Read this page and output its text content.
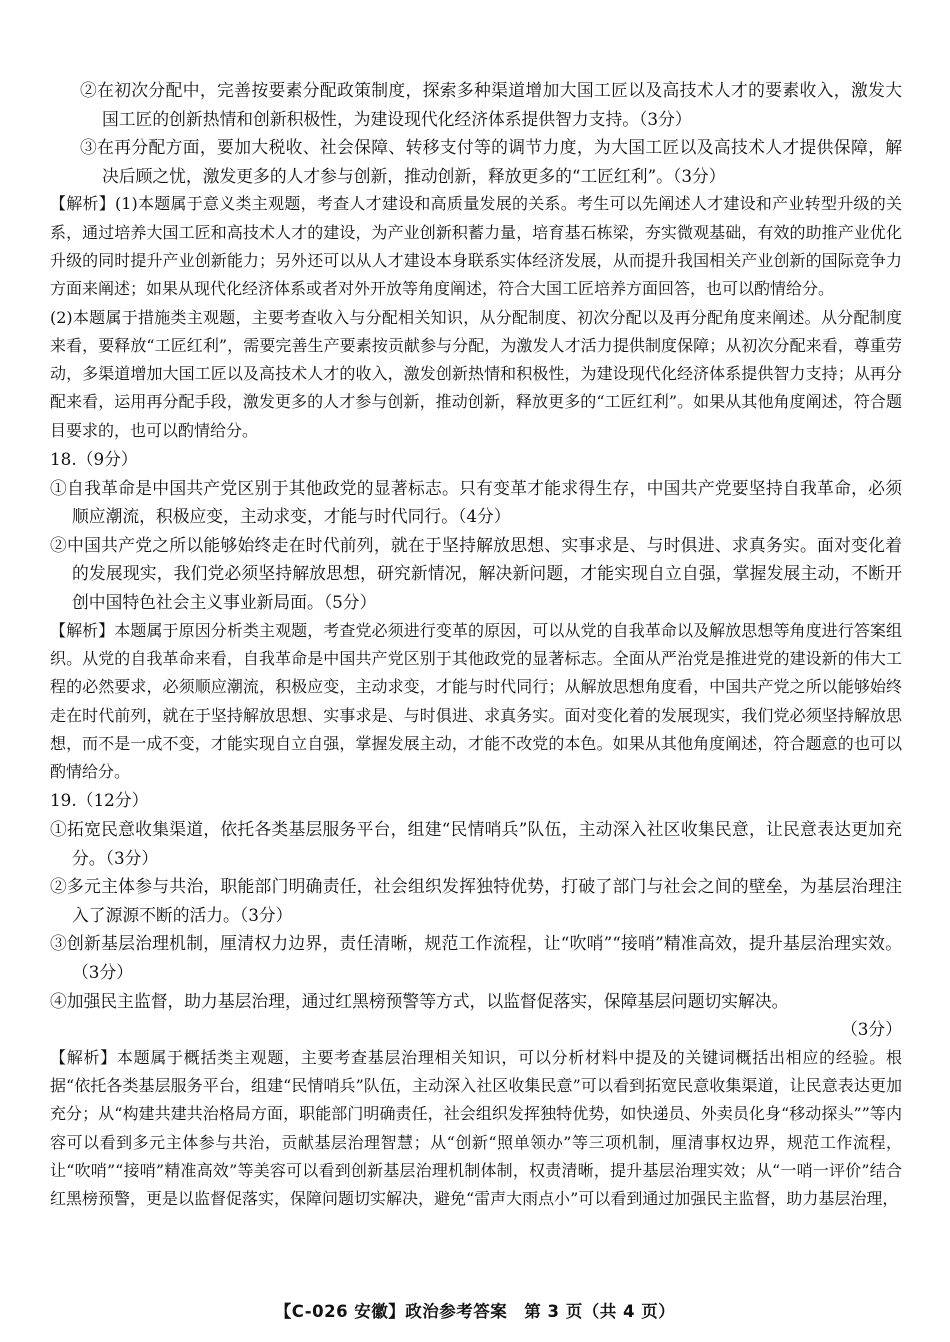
②在初次分配中，完善按要素分配政策制度，探索多种渠道增加大国工匠以及高技术人才的要素收入，激发大国工匠的创新热情和创新积极性，为建设现代化经济体系提供智力支持。（3分）

③在再分配方面，要加大税收、社会保障、转移支付等的调节力度，为大国工匠以及高技术人才提供保障，解决后顾之忧，激发更多的人才参与创新，推动创新，释放更多的“工匠红利”。（3分）

【解析】(1)本题属于意义类主观题，考查人才建设和高质量发展的关系。考生可以先阐述人才建设和产业转型升级的关系，通过培养大国工匠和高技术人才的建设，为产业创新积蓄力量，培育基石栋梁，夯实微观基础，有效的助推产业优化升级的同时提升产业创新能力；另外还可以从人才建设本身联系实体经济发展，从而提升我国相关产业创新的国际竞争力方面来阐述；如果从现代化经济体系或者对外开放等角度阐述，符合大国工匠培养方面回答，也可以酌情给分。

(2)本题属于措施类主观题，主要考查收入与分配相关知识，从分配制度、初次分配以及再分配角度来阐述。从分配制度来看，要释放“工匠红利”，需要完善生产要素按贡献参与分配，为激发人才活力提供制度保障；从初次分配来看，尊重劳动，多渠道增加大国工匠以及高技术人才的收入，激发创新热情和积极性，为建设现代化经济体系提供智力支持；从再分配来看，运用再分配手段，激发更多的人才参与创新，推动创新，释放更多的“工匠红利”。如果从其他角度阐述，符合题目要求的，也可以酌情给分。

18.（9分）

①自我革命是中国共产党区别于其他政党的显著标志。只有变革才能求得生存，中国共产党要坚持自我革命，必须顺应潮流，积极应变，主动求变，才能与时代同行。（4分）

②中国共产党之所以能够始终走在时代前列，就在于坚持解放思想、实事求是、与时俱进、求真务实。面对变化着的发展现实，我们党必须坚持解放思想，研究新情况，解决新问题，才能实现自立自强，掌握发展主动，不断开创中国特色社会主义事业新局面。（5分）

【解析】本题属于原因分析类主观题，考查党必须进行变革的原因，可以从党的自我革命以及解放思想等角度进行答案组织。从党的自我革命来看，自我革命是中国共产党区别于其他政党的显著标志。全面从严治党是推进党的建设新的伟大工程的必然要求，必须顺应潮流，积极应变，主动求变，才能与时代同行；从解放思想角度看，中国共产党之所以能够始终走在时代前列，就在于坚持解放思想、实事求是、与时俱进、求真务实。面对变化着的发展现实，我们党必须坚持解放思想，而不是一成不变，才能实现自立自强，掌握发展主动，才能不改党的本色。如果从其他角度阐述，符合题意的也可以酌情给分。

19.（12分）

①拓宽民意收集渠道，依托各类基层服务平台，组建“民情哨兵”队伍，主动深入社区收集民意，让民意表达更加充分。（3分）

②多元主体参与共治，职能部门明确责任，社会组织发挥独特优势，打破了部门与社会之间的壁垒，为基层治理注入了源源不断的活力。（3分）

③创新基层治理机制，厘清权力边界，责任清晰，规范工作流程，让“吹哨”“接哨”精准高效，提升基层治理实效。（3分）

④加强民主监督，助力基层治理，通过红黑榜预警等方式，以监督促落实，保障基层问题切实解决。

（3分）

【解析】本题属于概括类主观题，主要考查基层治理相关知识，可以分析材料中提及的关键词概括出相应的经验。根据“依托各类基层服务平台，组建“民情哨兵”队伍，主动深入社区收集民意”可以看到拓宽民意收集渠道，让民意表达更加充分；从“构建共建共治格局方面，职能部门明确责任，社会组织发挥独特优势，如快递员、外卖员化身“移动探头””等内容可以看到多元主体参与共治，贡献基层治理智慧；从“创新“照单领办”等三项机制，厘清事权边界，规范工作流程，让“吹哨”“接哨”精准高效”等美容可以看到创新基层治理机制体制，权责清晰，提升基层治理实效；从“一哨一评价”结合红黑榜预警，更是以监督促落实，保障问题切实解决，避免“雷声大雨点小”可以看到通过加强民主监督，助力基层治理，

【C-026 安徽】政治参考答案　第 3 页（共 4 页）
